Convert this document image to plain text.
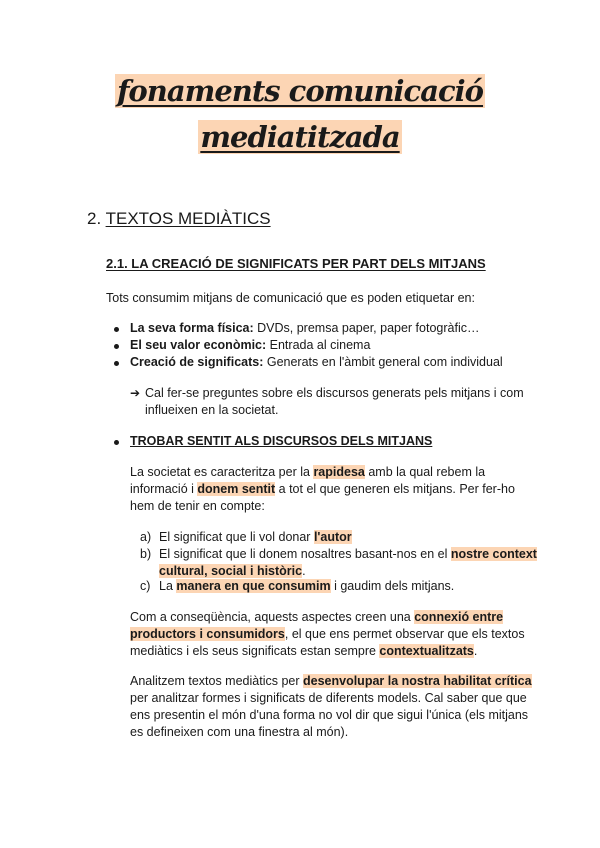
fonaments comunicació
mediatitzada
2. TEXTOS MEDIÀTICS
2.1. LA CREACIÓ DE SIGNIFICATS PER PART DELS MITJANS
Tots consumim mitjans de comunicació que es poden etiquetar en:
La seva forma física: DVDs, premsa paper, paper fotogràfic…
El seu valor econòmic: Entrada al cinema
Creació de significats: Generats en l'àmbit general com individual
➔ Cal fer-se preguntes sobre els discursos generats pels mitjans i com
influeixen en la societat.
TROBAR SENTIT ALS DISCURSOS DELS MITJANS
La societat es caracteritza per la rapidesa amb la qual rebem la
informació i donem sentit a tot el que generen els mitjans. Per fer-ho
hem de tenir en compte:
a) El significat que li vol donar l'autor
b) El significat que li donem nosaltres basant-nos en el nostre context
cultural, social i històric.
c) La manera en que consumim i gaudim dels mitjans.
Com a conseqüència, aquests aspectes creen una connexió entre
productors i consumidors, el que ens permet observar que els textos
mediàtics i els seus significats estan sempre contextualitzats.
Analitzem textos mediàtics per desenvolupar la nostra habilitat crítica
per analitzar formes i significats de diferents models. Cal saber que que
ens presentin el món d'una forma no vol dir que sigui l'única (els mitjans
es defineixen com una finestra al món).
